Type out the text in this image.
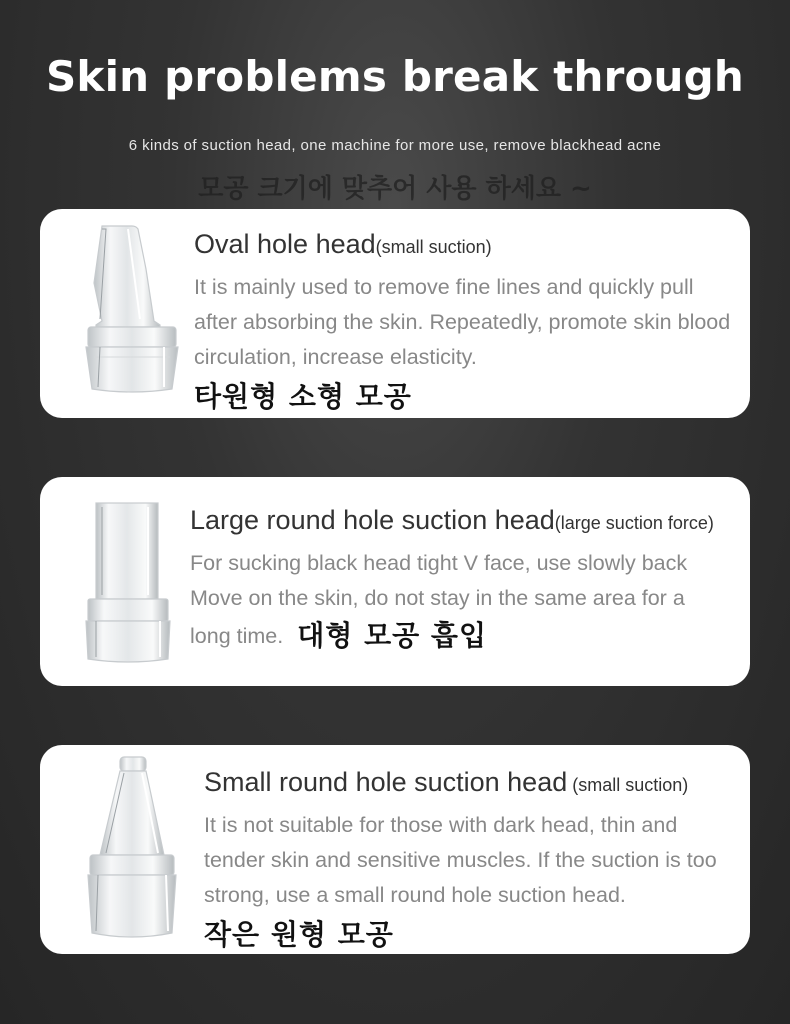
Skin problems break through
6 kinds of suction head, one machine for more use, remove blackhead acne
모공 크기에 맞추어 사용 하세요 ~
Oval hole head(small suction)
It is mainly used to remove fine lines and quickly pull after absorbing the skin. Repeatedly, promote skin blood circulation, increase elasticity.
타원형 소형 모공
Large round hole suction head(large suction force)
For sucking black head tight V face, use slowly back
Move on the skin, do not stay in the same area for a
long time. 대형 모공 흡입
Small round hole suction head (small suction)
It is not suitable for those with dark head, thin and tender skin and sensitive muscles. If the suction is too strong, use a small round hole suction head.
작은 원형 모공
